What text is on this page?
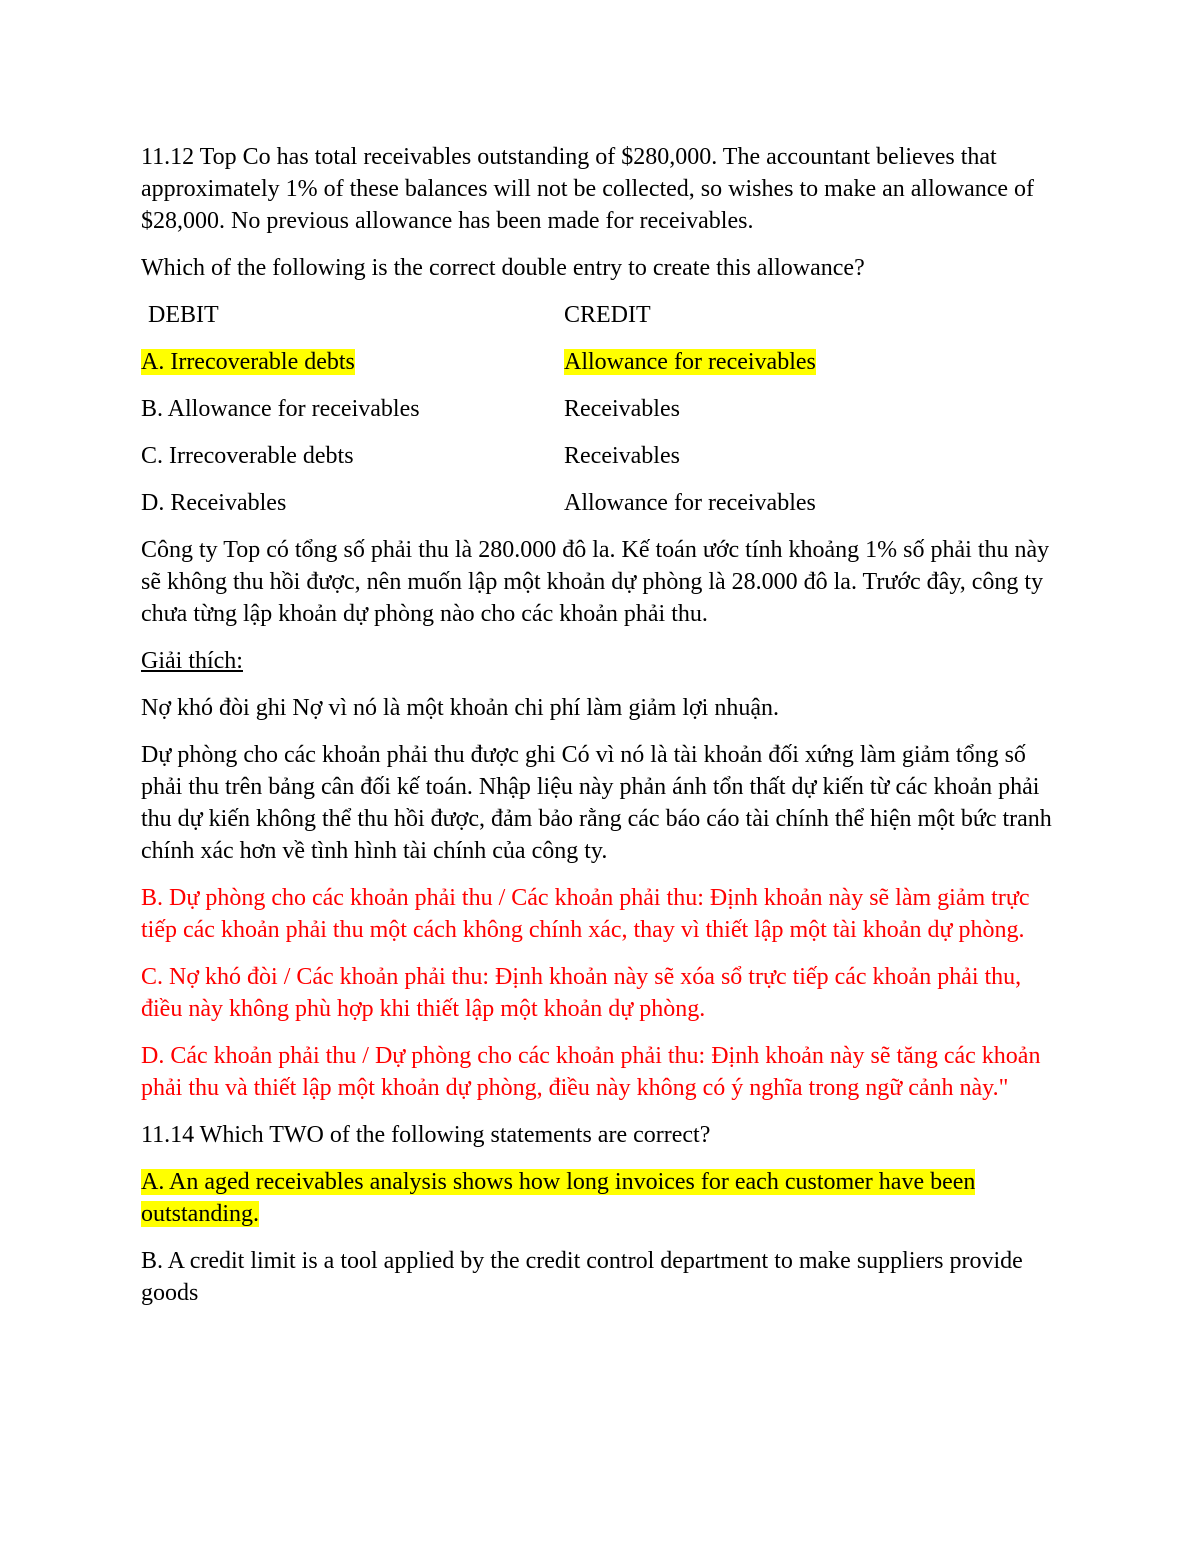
11.12 Top Co has total receivables outstanding of $280,000. The accountant believes that approximately 1% of these balances will not be collected, so wishes to make an allowance of $28,000. No previous allowance has been made for receivables.

Which of the following is the correct double entry to create this allowance?

DEBIT	CREDIT
A. Irrecoverable debts	Allowance for receivables
B. Allowance for receivables	Receivables
C. Irrecoverable debts	Receivables
D. Receivables	Allowance for receivables

Công ty Top có tổng số phải thu là 280.000 đô la. Kế toán ước tính khoảng 1% số phải thu này sẽ không thu hồi được, nên muốn lập một khoản dự phòng là 28.000 đô la. Trước đây, công ty chưa từng lập khoản dự phòng nào cho các khoản phải thu.

Giải thích:

Nợ khó đòi ghi Nợ vì nó là một khoản chi phí làm giảm lợi nhuận.

Dự phòng cho các khoản phải thu được ghi Có vì nó là tài khoản đối xứng làm giảm tổng số phải thu trên bảng cân đối kế toán. Nhập liệu này phản ánh tổn thất dự kiến từ các khoản phải thu dự kiến không thể thu hồi được, đảm bảo rằng các báo cáo tài chính thể hiện một bức tranh chính xác hơn về tình hình tài chính của công ty.

B. Dự phòng cho các khoản phải thu / Các khoản phải thu: Định khoản này sẽ làm giảm trực tiếp các khoản phải thu một cách không chính xác, thay vì thiết lập một tài khoản dự phòng.

C. Nợ khó đòi / Các khoản phải thu: Định khoản này sẽ xóa sổ trực tiếp các khoản phải thu, điều này không phù hợp khi thiết lập một khoản dự phòng.

D. Các khoản phải thu / Dự phòng cho các khoản phải thu: Định khoản này sẽ tăng các khoản phải thu và thiết lập một khoản dự phòng, điều này không có ý nghĩa trong ngữ cảnh này."

11.14 Which TWO of the following statements are correct?

A. An aged receivables analysis shows how long invoices for each customer have been outstanding.

B. A credit limit is a tool applied by the credit control department to make suppliers provide goods
